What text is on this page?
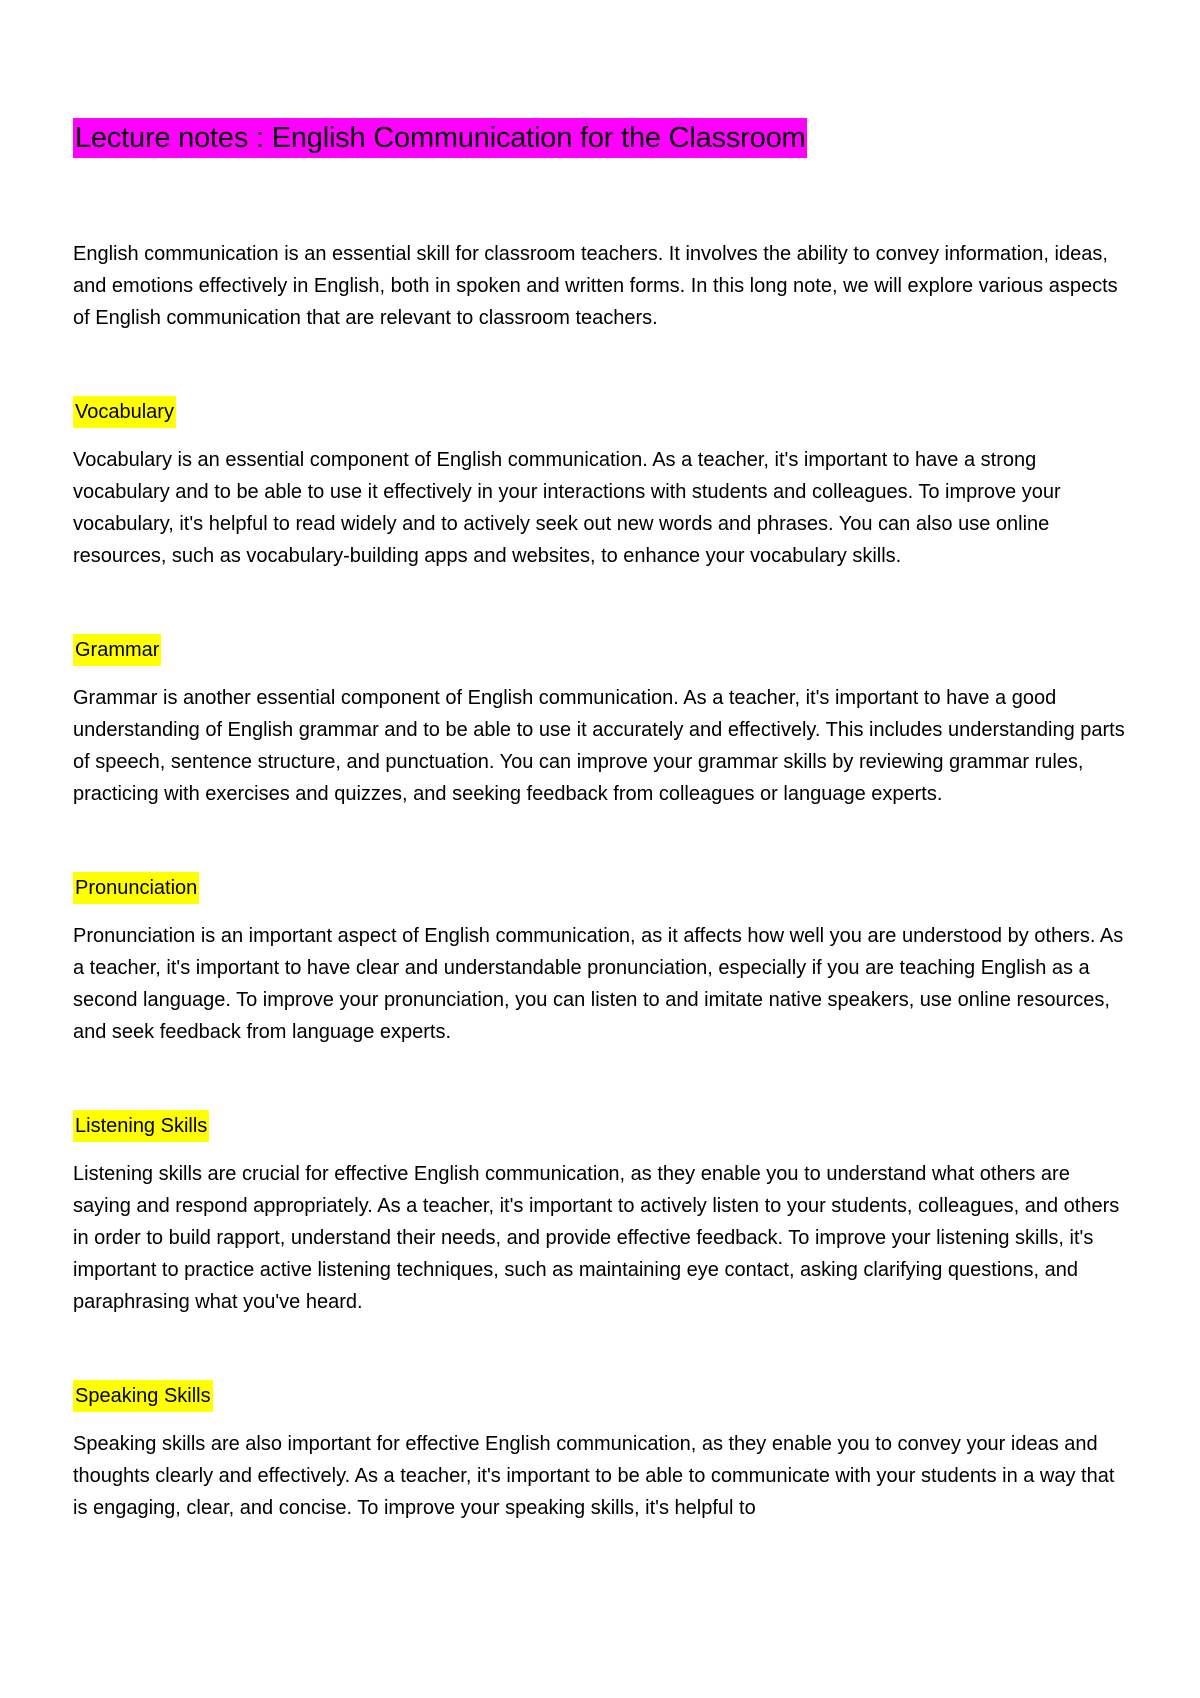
Lecture notes : English Communication for the Classroom

English communication is an essential skill for classroom teachers. It involves the ability to convey information, ideas, and emotions effectively in English, both in spoken and written forms. In this long note, we will explore various aspects of English communication that are relevant to classroom teachers.

Vocabulary

Vocabulary is an essential component of English communication. As a teacher, it's important to have a strong vocabulary and to be able to use it effectively in your interactions with students and colleagues. To improve your vocabulary, it's helpful to read widely and to actively seek out new words and phrases. You can also use online resources, such as vocabulary-building apps and websites, to enhance your vocabulary skills.

Grammar

Grammar is another essential component of English communication. As a teacher, it's important to have a good understanding of English grammar and to be able to use it accurately and effectively. This includes understanding parts of speech, sentence structure, and punctuation. You can improve your grammar skills by reviewing grammar rules, practicing with exercises and quizzes, and seeking feedback from colleagues or language experts.

Pronunciation

Pronunciation is an important aspect of English communication, as it affects how well you are understood by others. As a teacher, it's important to have clear and understandable pronunciation, especially if you are teaching English as a second language. To improve your pronunciation, you can listen to and imitate native speakers, use online resources, and seek feedback from language experts.

Listening Skills

Listening skills are crucial for effective English communication, as they enable you to understand what others are saying and respond appropriately. As a teacher, it's important to actively listen to your students, colleagues, and others in order to build rapport, understand their needs, and provide effective feedback. To improve your listening skills, it's important to practice active listening techniques, such as maintaining eye contact, asking clarifying questions, and paraphrasing what you've heard.

Speaking Skills

Speaking skills are also important for effective English communication, as they enable you to convey your ideas and thoughts clearly and effectively. As a teacher, it's important to be able to communicate with your students in a way that is engaging, clear, and concise. To improve your speaking skills, it's helpful to
